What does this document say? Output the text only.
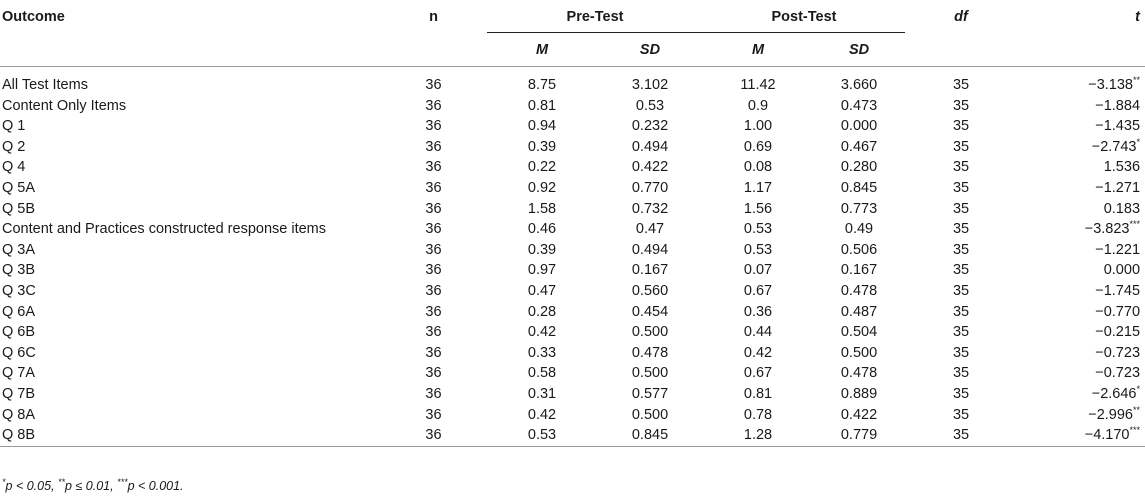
Outcome	n	Pre-Test		Post-Test		df	t
		M	SD	M	SD		
All Test Items	36	8.75	3.102	11.42	3.660	35	−3.138**
Content Only Items	36	0.81	0.53	0.9	0.473	35	−1.884
Q 1	36	0.94	0.232	1.00	0.000	35	−1.435
Q 2	36	0.39	0.494	0.69	0.467	35	−2.743*
Q 4	36	0.22	0.422	0.08	0.280	35	1.536
Q 5A	36	0.92	0.770	1.17	0.845	35	−1.271
Q 5B	36	1.58	0.732	1.56	0.773	35	0.183
Content and Practices constructed response items	36	0.46	0.47	0.53	0.49	35	−3.823***
Q 3A	36	0.39	0.494	0.53	0.506	35	−1.221
Q 3B	36	0.97	0.167	0.07	0.167	35	0.000
Q 3C	36	0.47	0.560	0.67	0.478	35	−1.745
Q 6A	36	0.28	0.454	0.36	0.487	35	−0.770
Q 6B	36	0.42	0.500	0.44	0.504	35	−0.215
Q 6C	36	0.33	0.478	0.42	0.500	35	−0.723
Q 7A	36	0.58	0.500	0.67	0.478	35	−0.723
Q 7B	36	0.31	0.577	0.81	0.889	35	−2.646*
Q 8A	36	0.42	0.500	0.78	0.422	35	−2.996**
Q 8B	36	0.53	0.845	1.28	0.779	35	−4.170***
*p < 0.05, **p ≤ 0.01, ***p < 0.001.
